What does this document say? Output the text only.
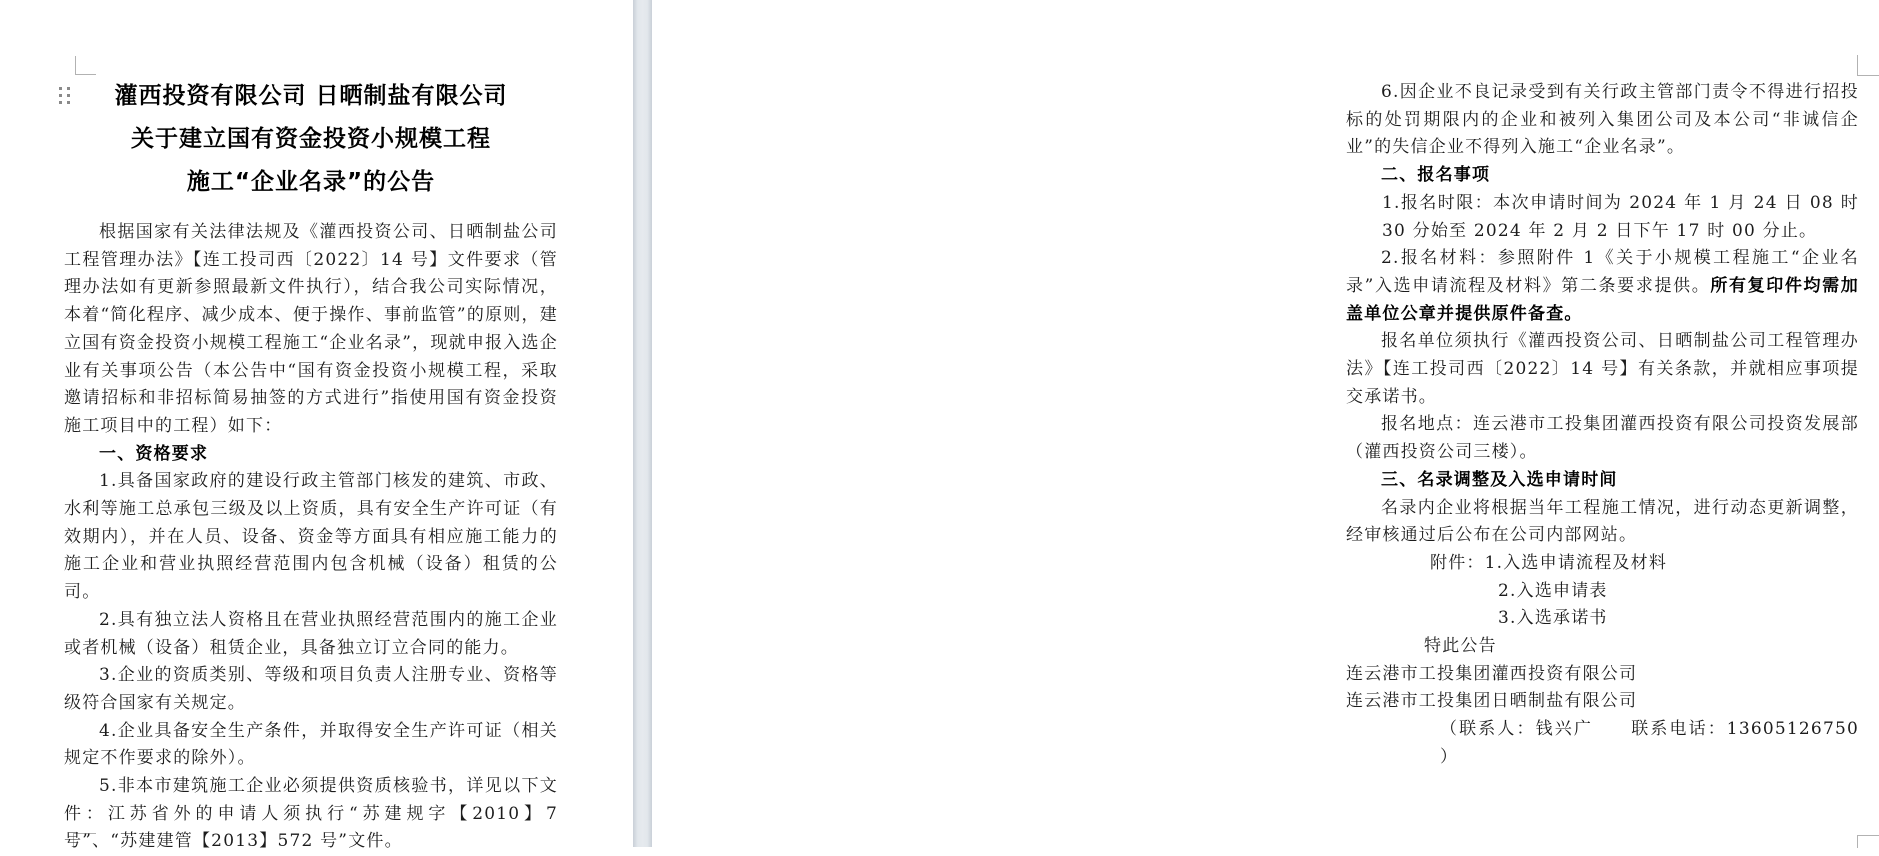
灌西投资有限公司 日晒制盐有限公司
关于建立国有资金投资小规模工程
施工“企业名录”的公告

根据国家有关法律法规及《灌西投资公司、日晒制盐公司工程管理办法》【连工投司西〔2022〕14 号】文件要求（管理办法如有更新参照最新文件执行），结合我公司实际情况，本着“简化程序、减少成本、便于操作、事前监管”的原则，建立国有资金投资小规模工程施工“企业名录”，现就申报入选企业有关事项公告（本公告中“国有资金投资小规模工程，采取邀请招标和非招标简易抽签的方式进行”指使用国有资金投资施工项目中的工程）如下：

一、资格要求

1.具备国家政府的建设行政主管部门核发的建筑、市政、水利等施工总承包三级及以上资质，具有安全生产许可证（有效期内），并在人员、设备、资金等方面具有相应施工能力的施工企业和营业执照经营范围内包含机械（设备）租赁的公司。

2.具有独立法人资格且在营业执照经营范围内的施工企业或者机械（设备）租赁企业，具备独立订立合同的能力。

3.企业的资质类别、等级和项目负责人注册专业、资格等级符合国家有关规定。

4.企业具备安全生产条件，并取得安全生产许可证（相关规定不作要求的除外）。

5.非本市建筑施工企业必须提供资质核验书，详见以下文件：江苏省外的申请人须执行“苏建规字【2010】7 号”、“苏建建管【2013】572 号”文件。

6.因企业不良记录受到有关行政主管部门责令不得进行招投标的处罚期限内的企业和被列入集团公司及本公司“非诚信企业”的失信企业不得列入施工“企业名录”。

二、报名事项

1.报名时限：本次申请时间为 2024 年 1 月 24 日 08 时 30 分始至 2024 年 2 月 2 日下午 17 时 00 分止。

2.报名材料：参照附件 1《关于小规模工程施工“企业名录”入选申请流程及材料》第二条要求提供。所有复印件均需加盖单位公章并提供原件备查。

报名单位须执行《灌西投资公司、日晒制盐公司工程管理办法》【连工投司西〔2022〕14 号】有关条款，并就相应事项提交承诺书。

报名地点：连云港市工投集团灌西投资有限公司投资发展部（灌西投资公司三楼）。

三、名录调整及入选申请时间

名录内企业将根据当年工程施工情况，进行动态更新调整，经审核通过后公布在公司内部网站。

附件：1.入选申请流程及材料

2.入选申请表

3.入选承诺书

特此公告

连云港市工投集团灌西投资有限公司

连云港市工投集团日晒制盐有限公司

（联系人：钱兴广　　联系电话：13605126750 ）
